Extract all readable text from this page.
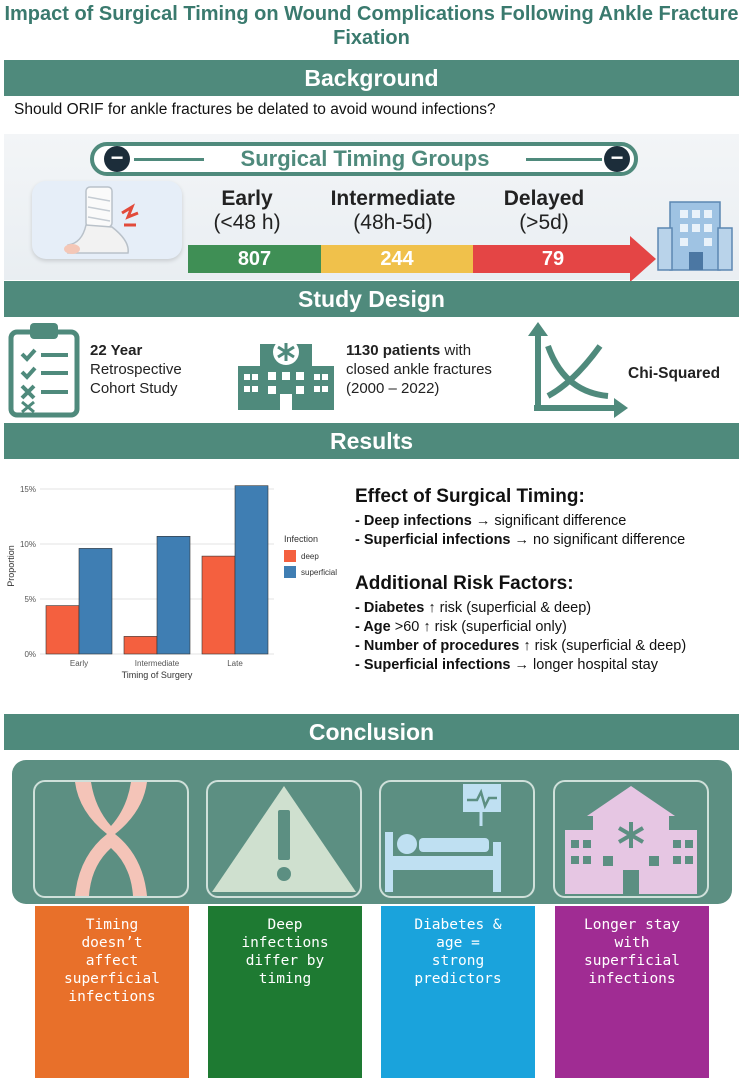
Impact of Surgical Timing on Wound Complications Following Ankle Fracture Fixation
Background
Should ORIF for ankle fractures be delated to avoid wound infections?
−	−
Surgical Timing Groups
Early
(<48 h)
Intermediate
(48h-5d)
Delayed
(>5d)
807	244	79
Study Design
22 Year
Retrospective
Cohort Study
1130 patients with
closed ankle fractures
(2000 – 2022)
Chi-Squared
Results
0%
5%
10%
15%
Early	Intermediate	Late
Timing of Surgery
Proportion
Infection
deep
superficial
Effect of Surgical Timing:
- Deep infections → significant difference
- Superficial infections → no significant difference
Additional Risk Factors:
- Diabetes ↑ risk (superficial & deep)
- Age >60 ↑ risk (superficial only)
- Number of procedures ↑ risk (superficial & deep)
- Superficial infections → longer hospital stay
Conclusion
Timing
doesn’t
affect
superficial
infections
Deep
infections
differ by
timing
Diabetes &
age =
strong
predictors
Longer stay
with
superficial
infections
